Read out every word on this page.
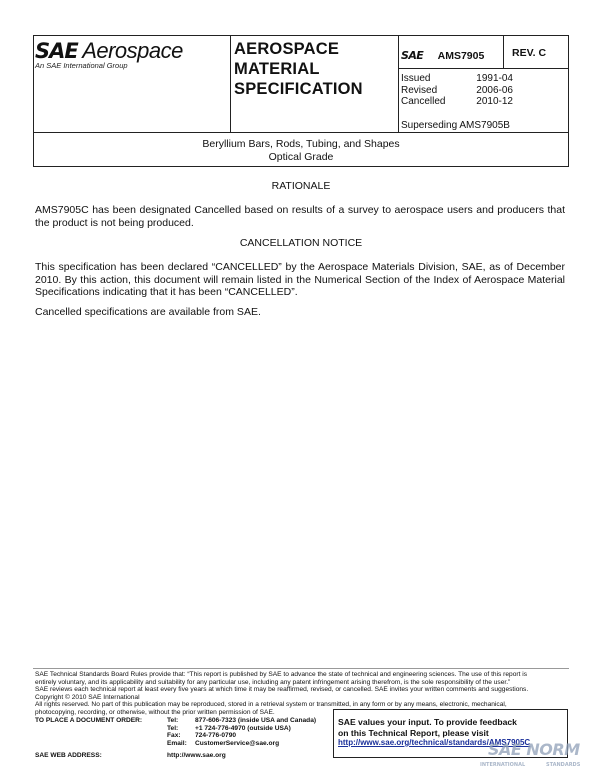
SAE Aerospace
An SAE International Group
AEROSPACE
MATERIAL
SPECIFICATION
SAE AMS7905	REV. C
Issued	1991-04
Revised	2006-06
Cancelled	2010-12
Superseding AMS7905B
Beryllium Bars, Rods, Tubing, and Shapes
Optical Grade
RATIONALE
AMS7905C has been designated Cancelled based on results of a survey to aerospace users and producers that the product is not being produced.
CANCELLATION NOTICE
This specification has been declared “CANCELLED” by the Aerospace Materials Division, SAE, as of December 2010. By this action, this document will remain listed in the Numerical Section of the Index of Aerospace Material Specifications indicating that it has been “CANCELLED”.
Cancelled specifications are available from SAE.
SAE Technical Standards Board Rules provide that: “This report is published by SAE to advance the state of technical and engineering sciences. The use of this report is
entirely voluntary, and its applicability and suitability for any particular use, including any patent infringement arising therefrom, is the sole responsibility of the user.”
SAE reviews each technical report at least every five years at which time it may be reaffirmed, revised, or cancelled. SAE invites your written comments and suggestions.
Copyright © 2010 SAE International
All rights reserved. No part of this publication may be reproduced, stored in a retrieval system or transmitted, in any form or by any means, electronic, mechanical,
photocopying, recording, or otherwise, without the prior written permission of SAE.
TO PLACE A DOCUMENT ORDER:	Tel:	877-606-7323 (inside USA and Canada)
Tel:	+1 724-776-4970 (outside USA)
Fax:	724-776-0790
Email:	CustomerService@sae.org
SAE WEB ADDRESS:	http://www.sae.org
SAE values your input. To provide feedback
on this Technical Report, please visit
http://www.sae.org/technical/standards/AMS7905C
SAE NORM
INTERNATIONAL	STANDARDS
